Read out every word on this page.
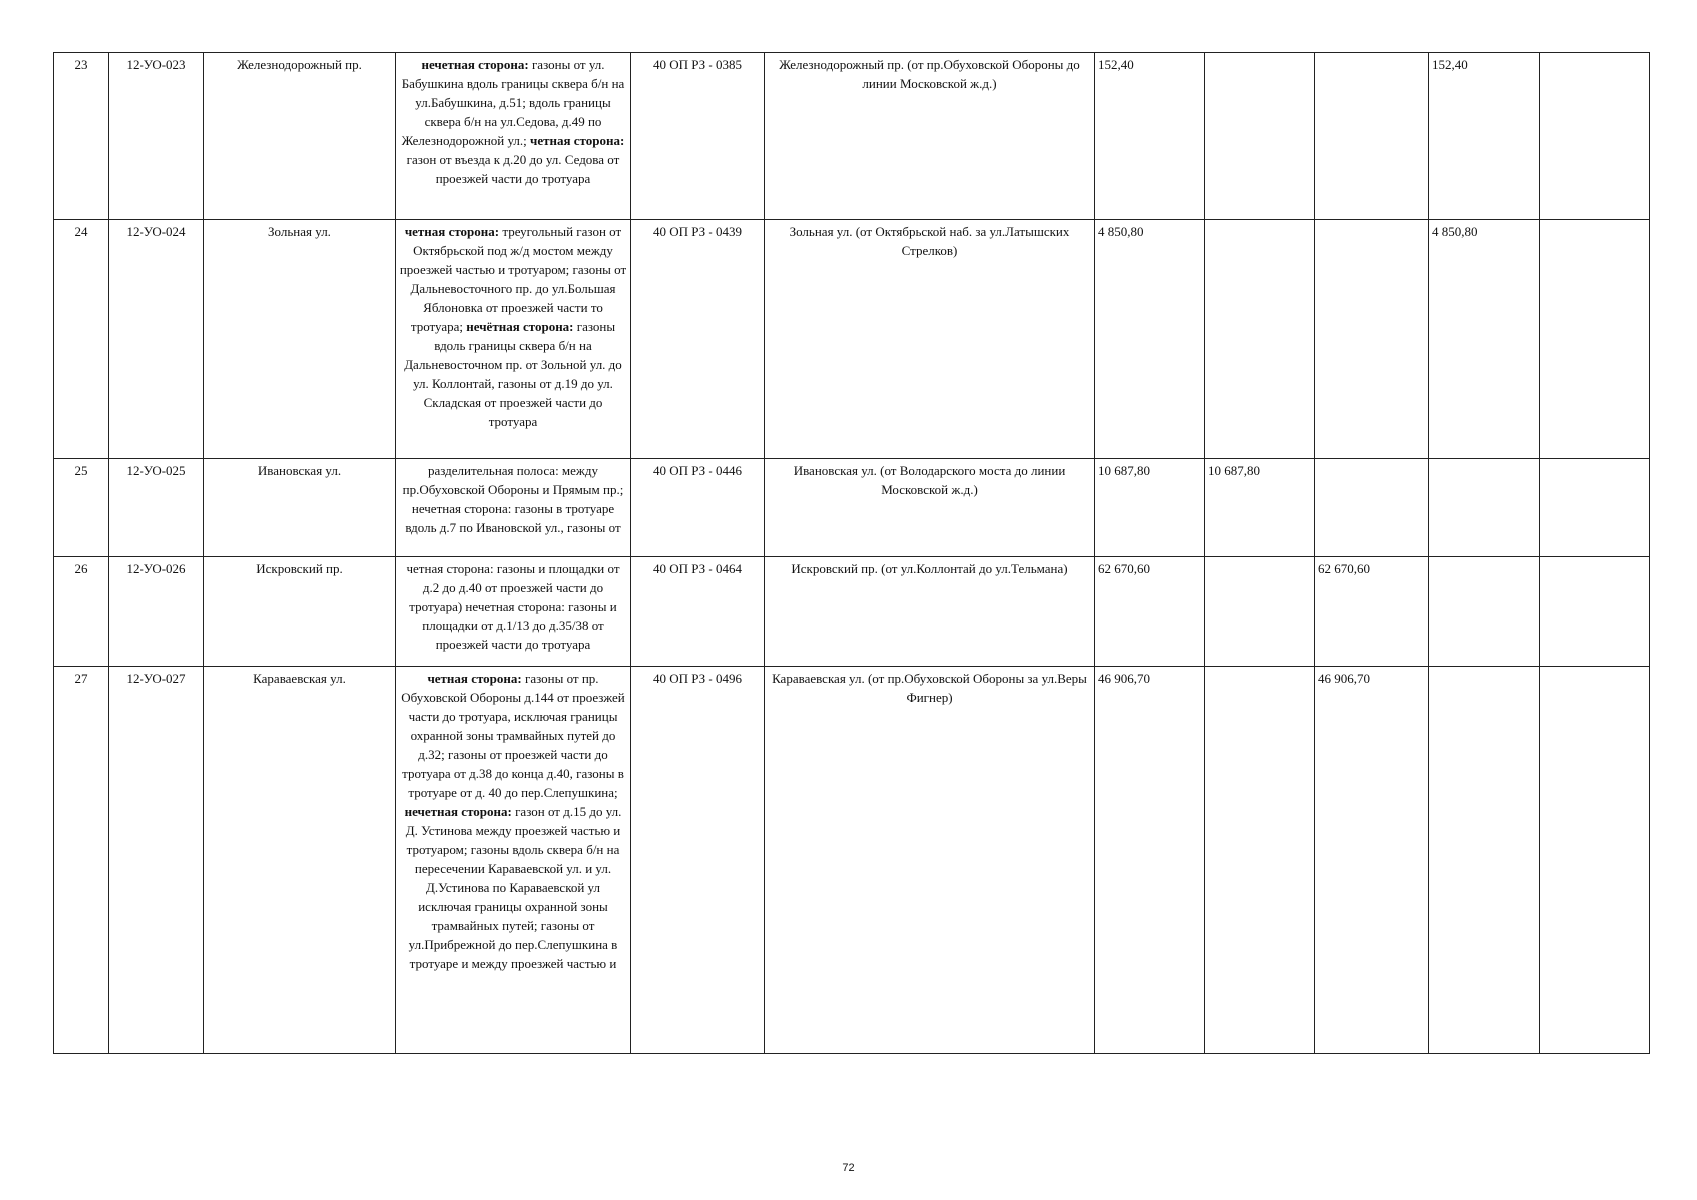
23	12-УО-023	Железнодорожный пр.	нечетная сторона: газоны от ул. Бабушкина вдоль границы сквера б/н на ул.Бабушкина, д.51; вдоль границы сквера б/н на ул.Седова, д.49 по Железнодорожной ул.; четная сторона: газон от въезда к д.20 до ул. Седова от проезжей части до тротуара	40 ОП РЗ - 0385	Железнодорожный пр. (от пр.Обуховской Обороны до линии Московской ж.д.)	152,40			152,40	
24	12-УО-024	Зольная ул.	четная сторона: треугольный газон от Октябрьской под ж/д мостом между проезжей частью и тротуаром; газоны от Дальневосточного пр. до ул.Большая Яблоновка от проезжей части то тротуара; нечётная сторона: газоны вдоль границы сквера б/н на Дальневосточном пр. от Зольной ул. до ул. Коллонтай, газоны от д.19 до ул. Складская от проезжей части до тротуара	40 ОП РЗ - 0439	Зольная ул. (от Октябрьской наб. за ул.Латышских Стрелков)	4 850,80			4 850,80	
25	12-УО-025	Ивановская ул.	разделительная полоса: между пр.Обуховской Обороны и Прямым пр.; нечетная сторона: газоны в тротуаре вдоль д.7 по Ивановской ул., газоны от	40 ОП РЗ - 0446	Ивановская ул. (от Володарского моста до линии Московской ж.д.)	10 687,80	10 687,80			
26	12-УО-026	Искровский пр.	четная сторона: газоны и площадки от д.2 до д.40 от проезжей части до тротуара) нечетная сторона: газоны и площадки от д.1/13 до д.35/38 от проезжей части до тротуара	40 ОП РЗ - 0464	Искровский пр. (от ул.Коллонтай до ул.Тельмана)	62 670,60		62 670,60		
27	12-УО-027	Караваевская ул.	четная сторона: газоны от пр. Обуховской Обороны д.144 от проезжей части до тротуара, исключая границы охранной зоны трамвайных путей до д.32; газоны от проезжей части до тротуара от д.38 до конца д.40, газоны в тротуаре от д. 40 до пер.Слепушкина; нечетная сторона: газон от д.15 до ул. Д. Устинова между проезжей частью и тротуаром; газоны вдоль сквера б/н на пересечении Караваевской ул. и ул. Д.Устинова по Караваевской ул исключая границы охранной зоны трамвайных путей; газоны от ул.Прибрежной до пер.Слепушкина в тротуаре и между проезжей частью и	40 ОП РЗ - 0496	Караваевская ул. (от пр.Обуховской Обороны за ул.Веры Фигнер)	46 906,70		46 906,70		
72
